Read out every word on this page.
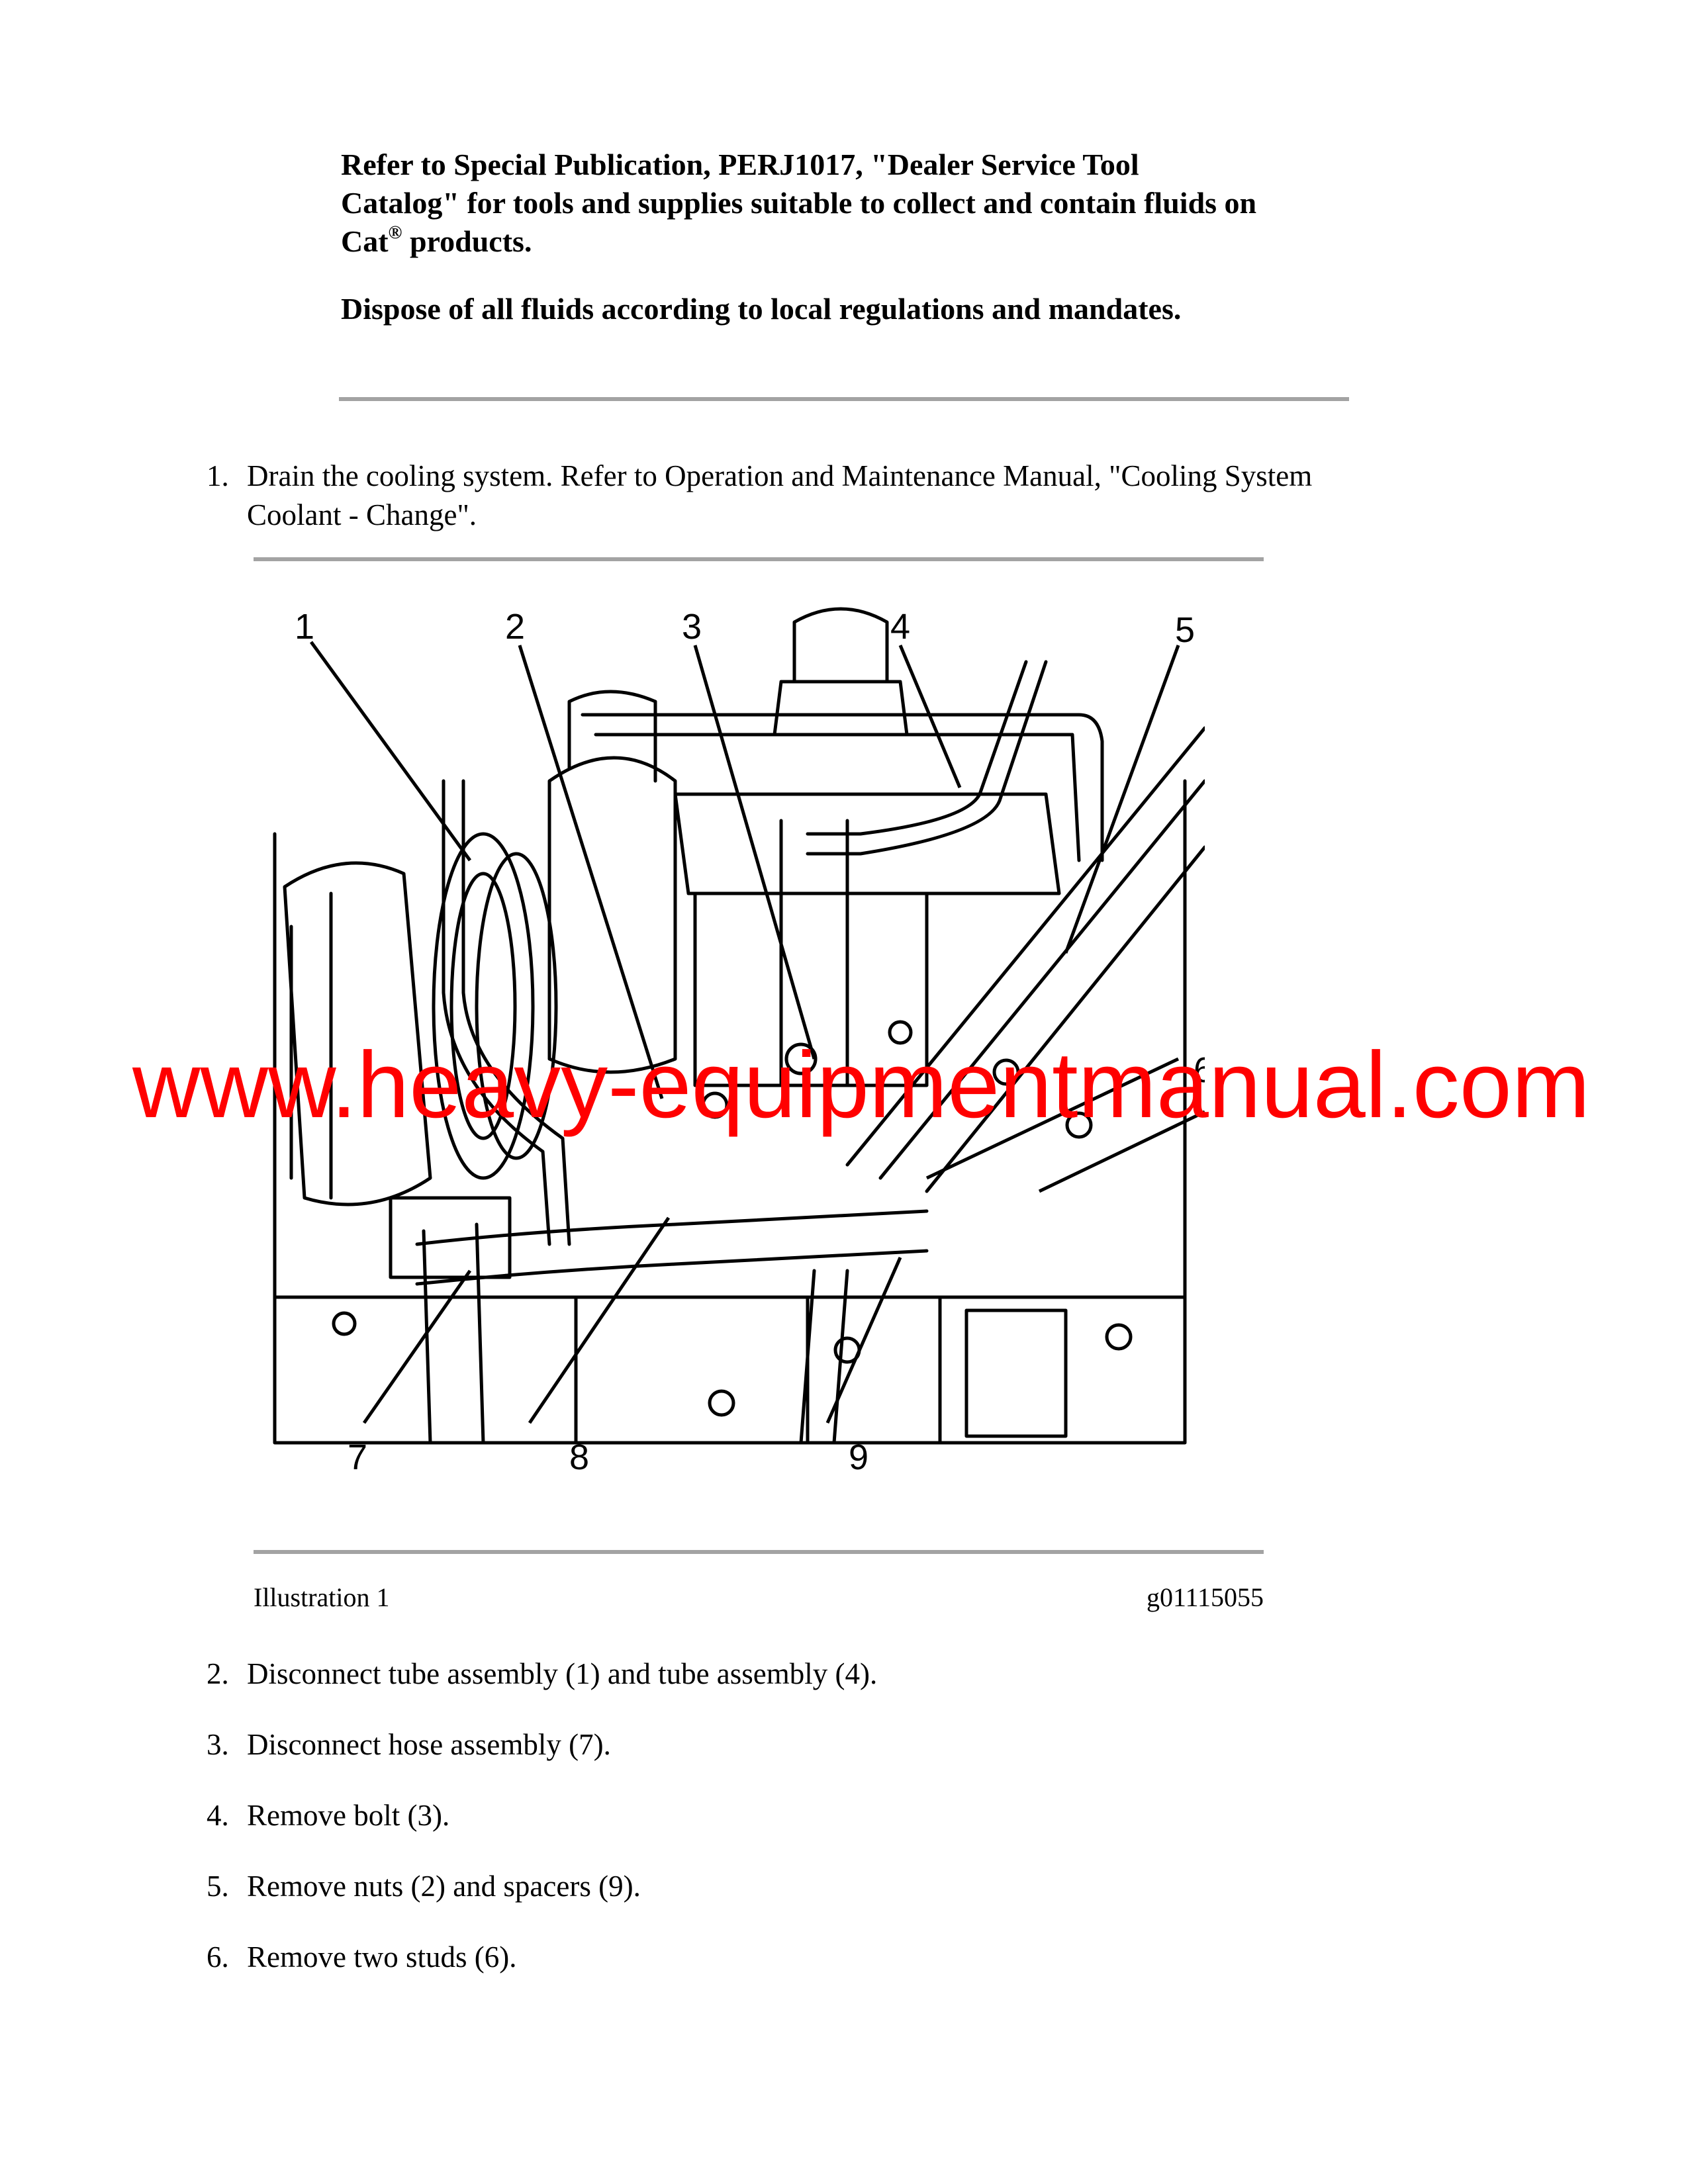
Refer to Special Publication, PERJ1017, "Dealer Service Tool

Catalog" for tools and supplies suitable to collect and contain fluids on

Cat® products.

Dispose of all fluids according to local regulations and mandates.

1. Drain the cooling system. Refer to Operation and Maintenance Manual, "Cooling System
Coolant - Change".
1	2	3	4	5
6
7	8	9
www.heavy-equipmentmanual.com
Illustration 1	g01115055
2. Disconnect tube assembly (1) and tube assembly (4).
3. Disconnect hose assembly (7).
4. Remove bolt (3).
5. Remove nuts (2) and spacers (9).
6. Remove two studs (6).
